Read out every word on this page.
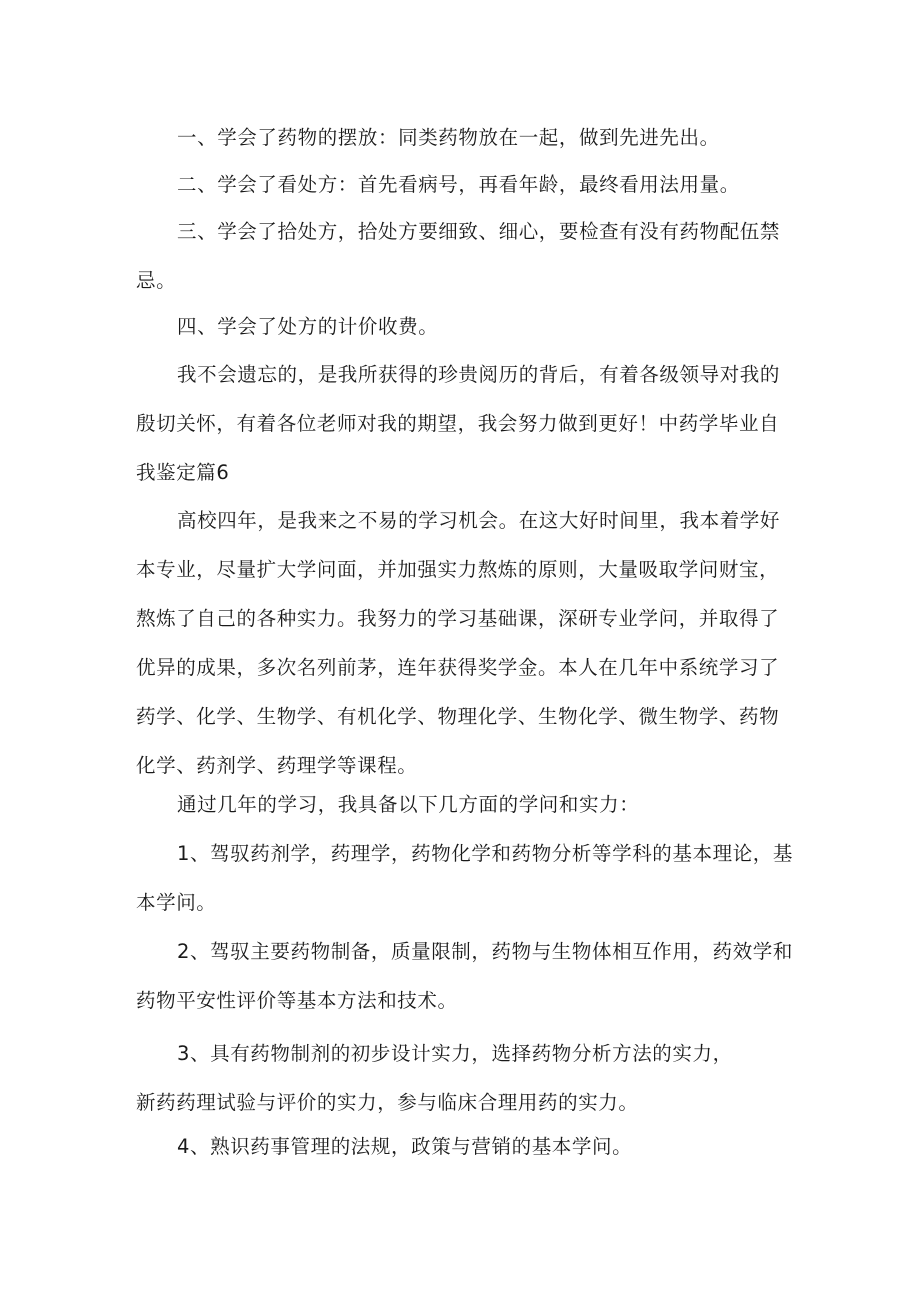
一、学会了药物的摆放：同类药物放在一起，做到先进先出。

二、学会了看处方：首先看病号，再看年龄，最终看用法用量。

三、学会了拾处方，拾处方要细致、细心，要检查有没有药物配伍禁
忌。

四、学会了处方的计价收费。

我不会遗忘的，是我所获得的珍贵阅历的背后，有着各级领导对我的
殷切关怀，有着各位老师对我的期望，我会努力做到更好！中药学毕业自
我鉴定篇6

高校四年，是我来之不易的学习机会。在这大好时间里，我本着学好
本专业，尽量扩大学问面，并加强实力熬炼的原则，大量吸取学问财宝，
熬炼了自己的各种实力。我努力的学习基础课，深研专业学问，并取得了
优异的成果，多次名列前茅，连年获得奖学金。本人在几年中系统学习了
药学、化学、生物学、有机化学、物理化学、生物化学、微生物学、药物
化学、药剂学、药理学等课程。

通过几年的学习，我具备以下几方面的学问和实力：

1、驾驭药剂学，药理学，药物化学和药物分析等学科的基本理论，基
本学问。

2、驾驭主要药物制备，质量限制，药物与生物体相互作用，药效学和
药物平安性评价等基本方法和技术。

3、具有药物制剂的初步设计实力，选择药物分析方法的实力，
新药药理试验与评价的实力，参与临床合理用药的实力。

4、熟识药事管理的法规，政策与营销的基本学问。
